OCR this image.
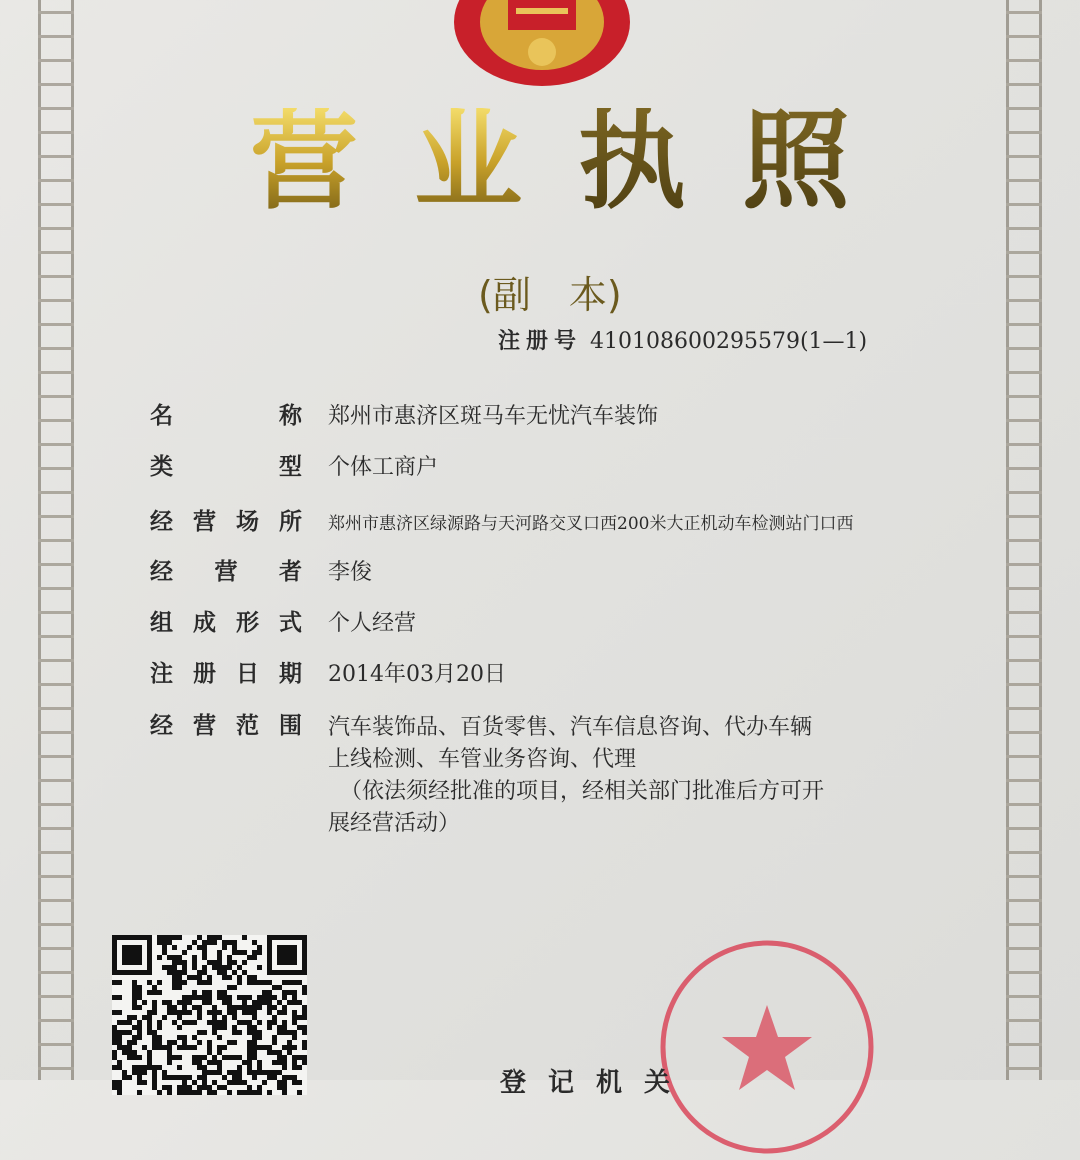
营 业 执 照
(副　本)
注册号 410108600295579(1—1)
名	称 郑州市惠济区斑马车无忧汽车装饰
类	型 个体工商户
经 营 场 所 郑州市惠济区绿源路与天河路交叉口西200米大正机动车检测站门口西
经 营 者 李俊
组 成 形 式 个人经营
注 册 日 期 2014年03月20日
经 营 范 围 汽车装饰品、百货零售、汽车信息咨询、代办车辆
上线检测、车管业务咨询、代理
（依法须经批准的项目，经相关部门批准后方可开
展经营活动）
登记机关
